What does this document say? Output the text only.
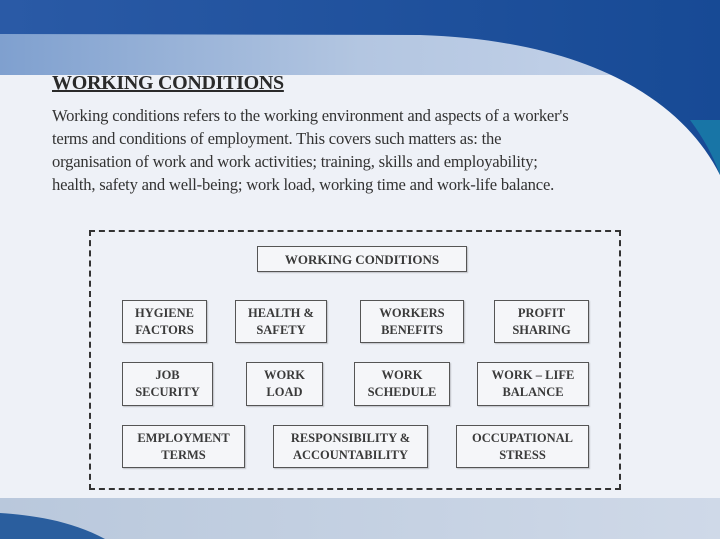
WORKING CONDITIONS
Working conditions refers to the working environment and aspects of a worker's
terms and conditions of employment. This covers such matters as: the
organisation of work and work activities; training, skills and employability;
health, safety and well-being; work load, working time and work-life balance.
WORKING CONDITIONS
HYGIENE
FACTORS
HEALTH &
SAFETY
WORKERS
BENEFITS
PROFIT
SHARING
JOB
SECURITY
WORK
LOAD
WORK
SCHEDULE
WORK – LIFE
BALANCE
EMPLOYMENT
TERMS
RESPONSIBILITY &
ACCOUNTABILITY
OCCUPATIONAL
STRESS
